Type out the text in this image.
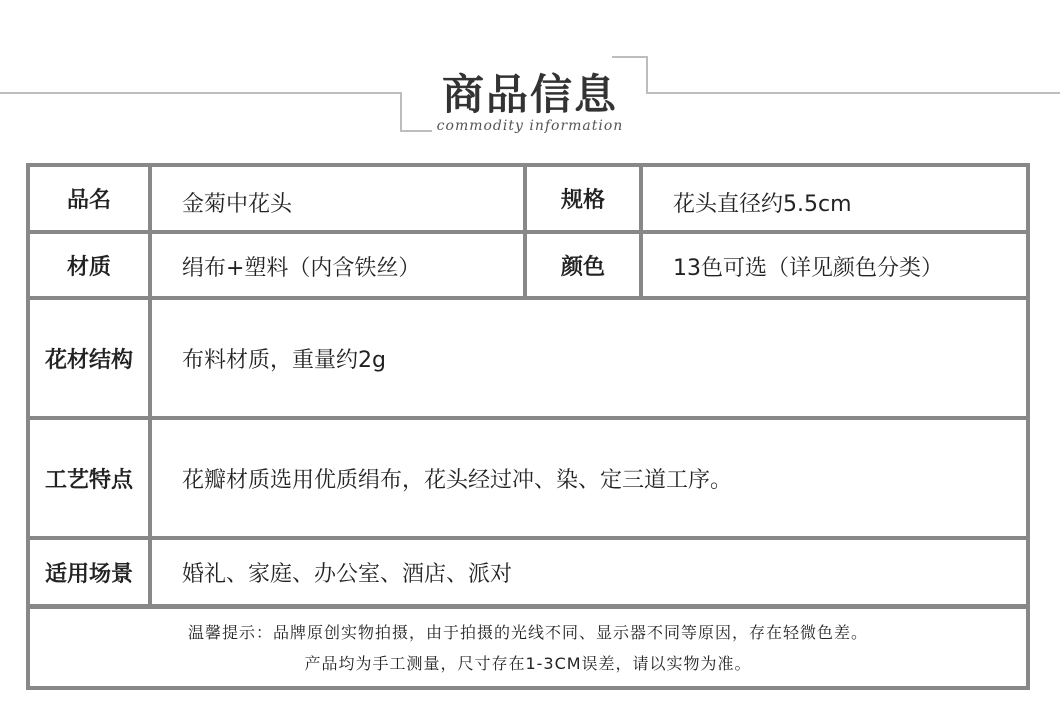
商品信息
commodity information
品名	金菊中花头	规格	花头直径约5.5cm
材质	绢布+塑料（内含铁丝）	颜色	13色可选（详见颜色分类）
花材结构	布料材质，重量约2g
工艺特点	花瓣材质选用优质绢布，花头经过冲、染、定三道工序。
适用场景	婚礼、家庭、办公室、酒店、派对
温馨提示：品牌原创实物拍摄，由于拍摄的光线不同、显示器不同等原因，存在轻微色差。
产品均为手工测量，尺寸存在1-3CM误差，请以实物为准。
